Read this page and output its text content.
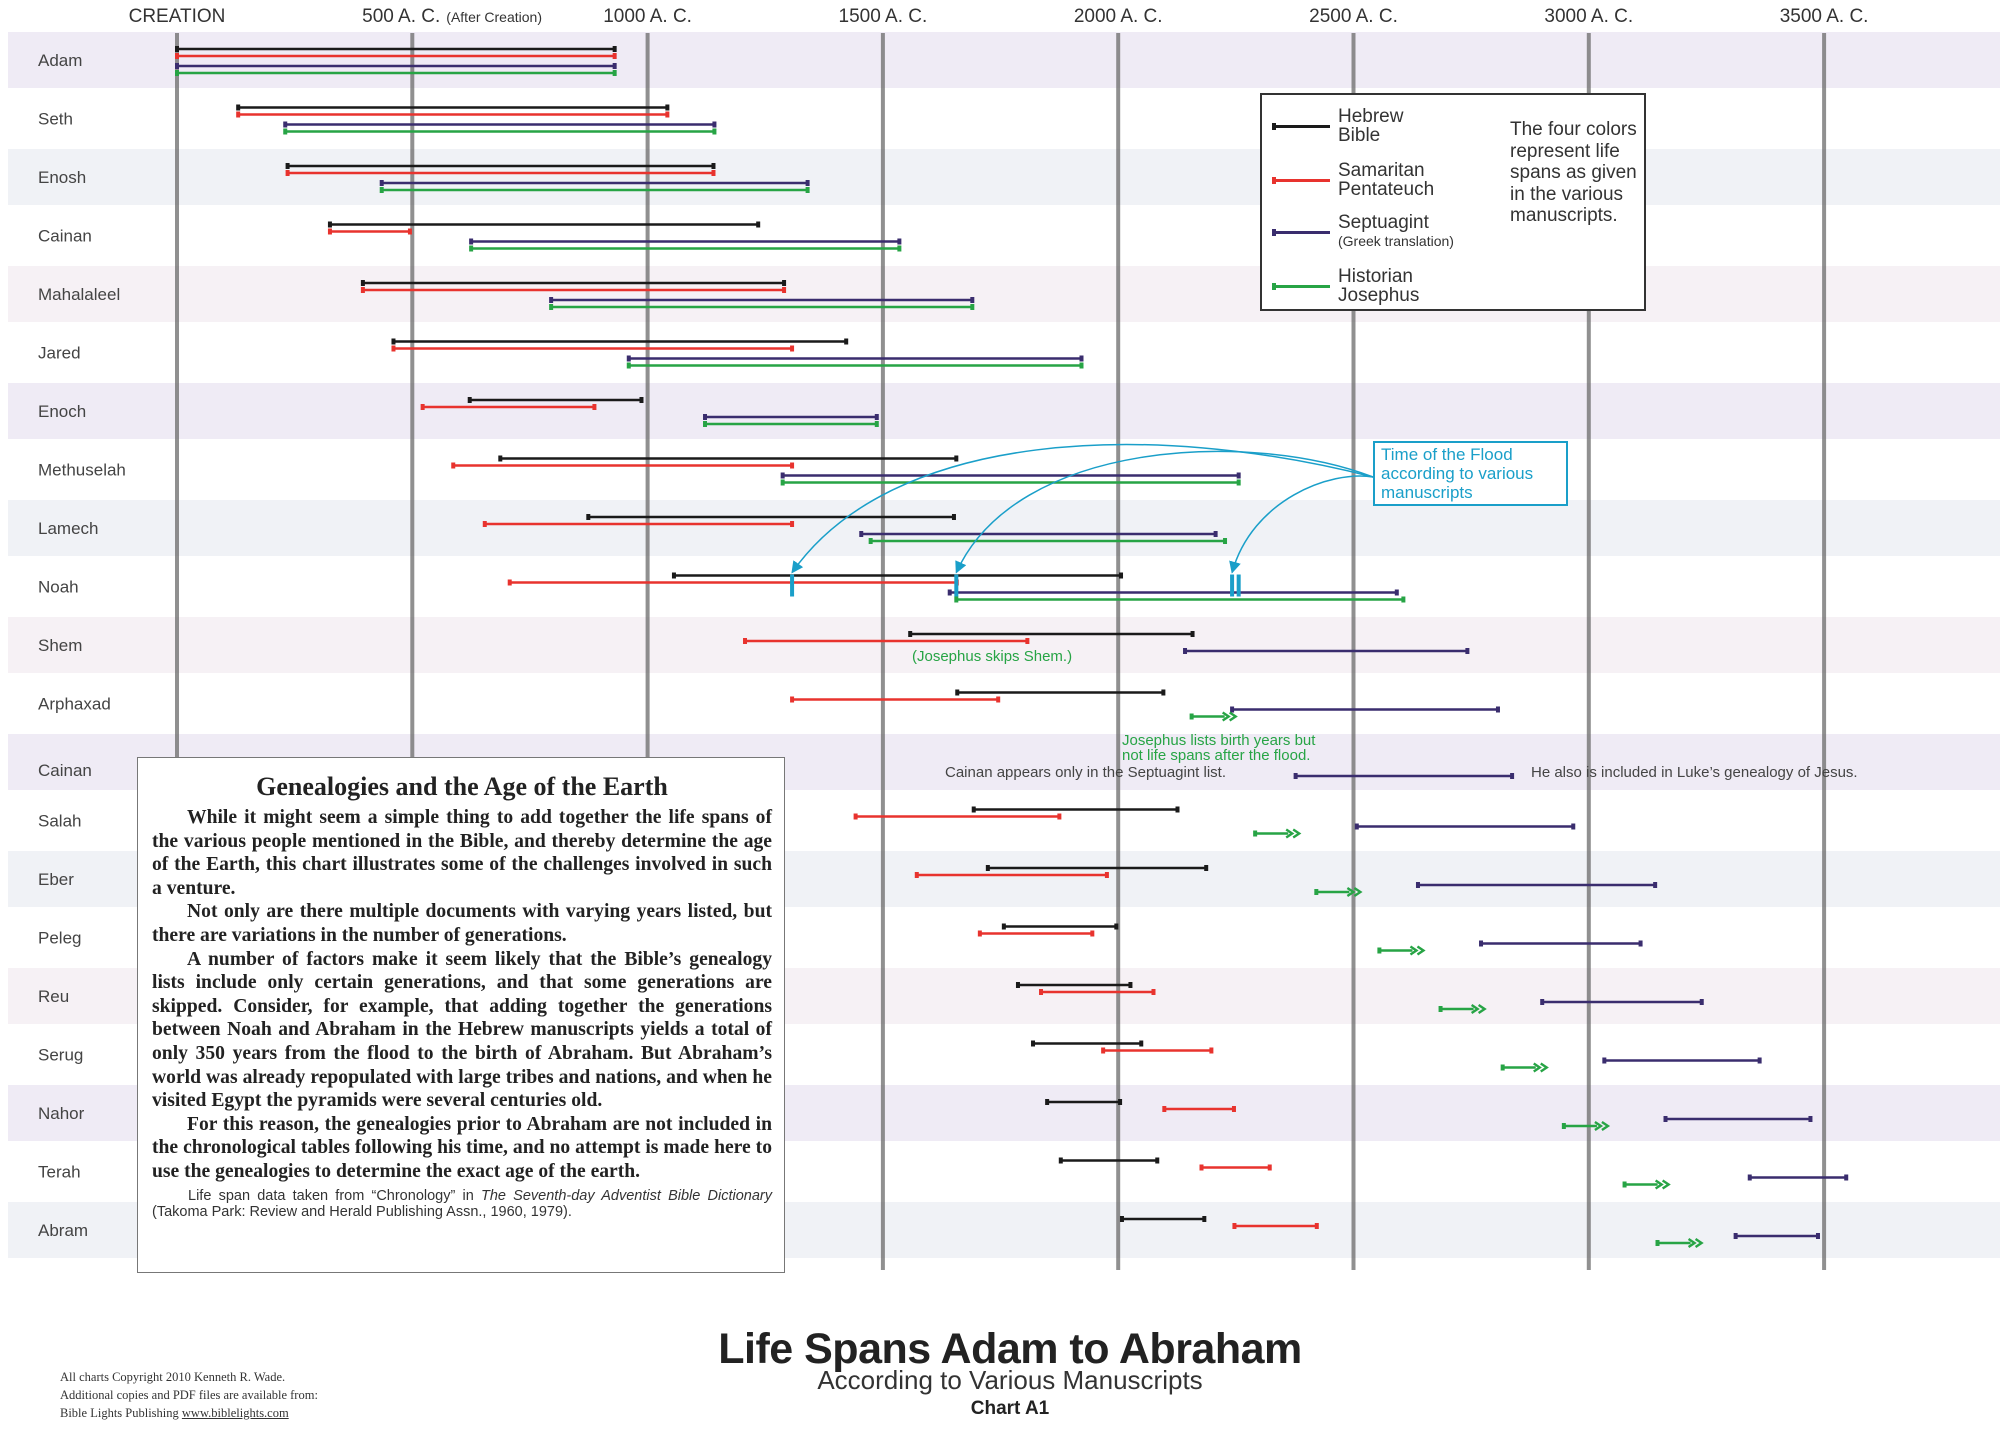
CREATION	500 A. C. (After Creation)	1000 A. C.	1500 A. C.	2000 A. C.	2500 A. C.	3000 A. C.	3500 A. C.
Adam
Seth
Enosh
Cainan
Mahalaleel
Jared
Enoch
Methuselah
Lamech
Noah
Shem
Arphaxad
Cainan
Salah
Eber
Peleg
Reu
Serug
Nahor
Terah
Abram
(Josephus skips Shem.)
Josephus lists birth years but
not life spans after the flood.
Cainan appears only in the Septuagint list.	He also is included in Luke’s genealogy of Jesus.
Hebrew
Bible
Samaritan
Pentateuch
Septuagint
(Greek translation)
Historian
Josephus
The four colors represent life spans as given in the various manuscripts.
Time of the Flood according to various manuscripts
Genealogies and the Age of the Earth

While it might seem a simple thing to add together the life spans of the various people mentioned in the Bible, and thereby determine the age of the Earth, this chart illustrates some of the challenges involved in such a venture.

Not only are there multiple documents with varying years listed, but there are variations in the number of generations.

A number of factors make it seem likely that the Bible’s genealogy lists include only certain generations, and that some generations are skipped. Consider, for example, that adding together the generations between Noah and Abraham in the Hebrew manuscripts yields a total of only 350 years from the flood to the birth of Abraham. But Abraham’s world was already repopulated with large tribes and nations, and when he visited Egypt the pyramids were several centuries old.

For this reason, the genealogies prior to Abraham are not included in the chronological tables following his time, and no attempt is made here to use the genealogies to determine the exact age of the earth.

Life span data taken from “Chronology” in The Seventh-day Adventist Bible Dictionary (Takoma Park: Review and Herald Publishing Assn., 1960, 1979).

Life Spans Adam to Abraham
According to Various Manuscripts
Chart A1
All charts Copyright 2010 Kenneth R. Wade.
Additional copies and PDF files are available from:
Bible Lights Publishing www.biblelights.com
